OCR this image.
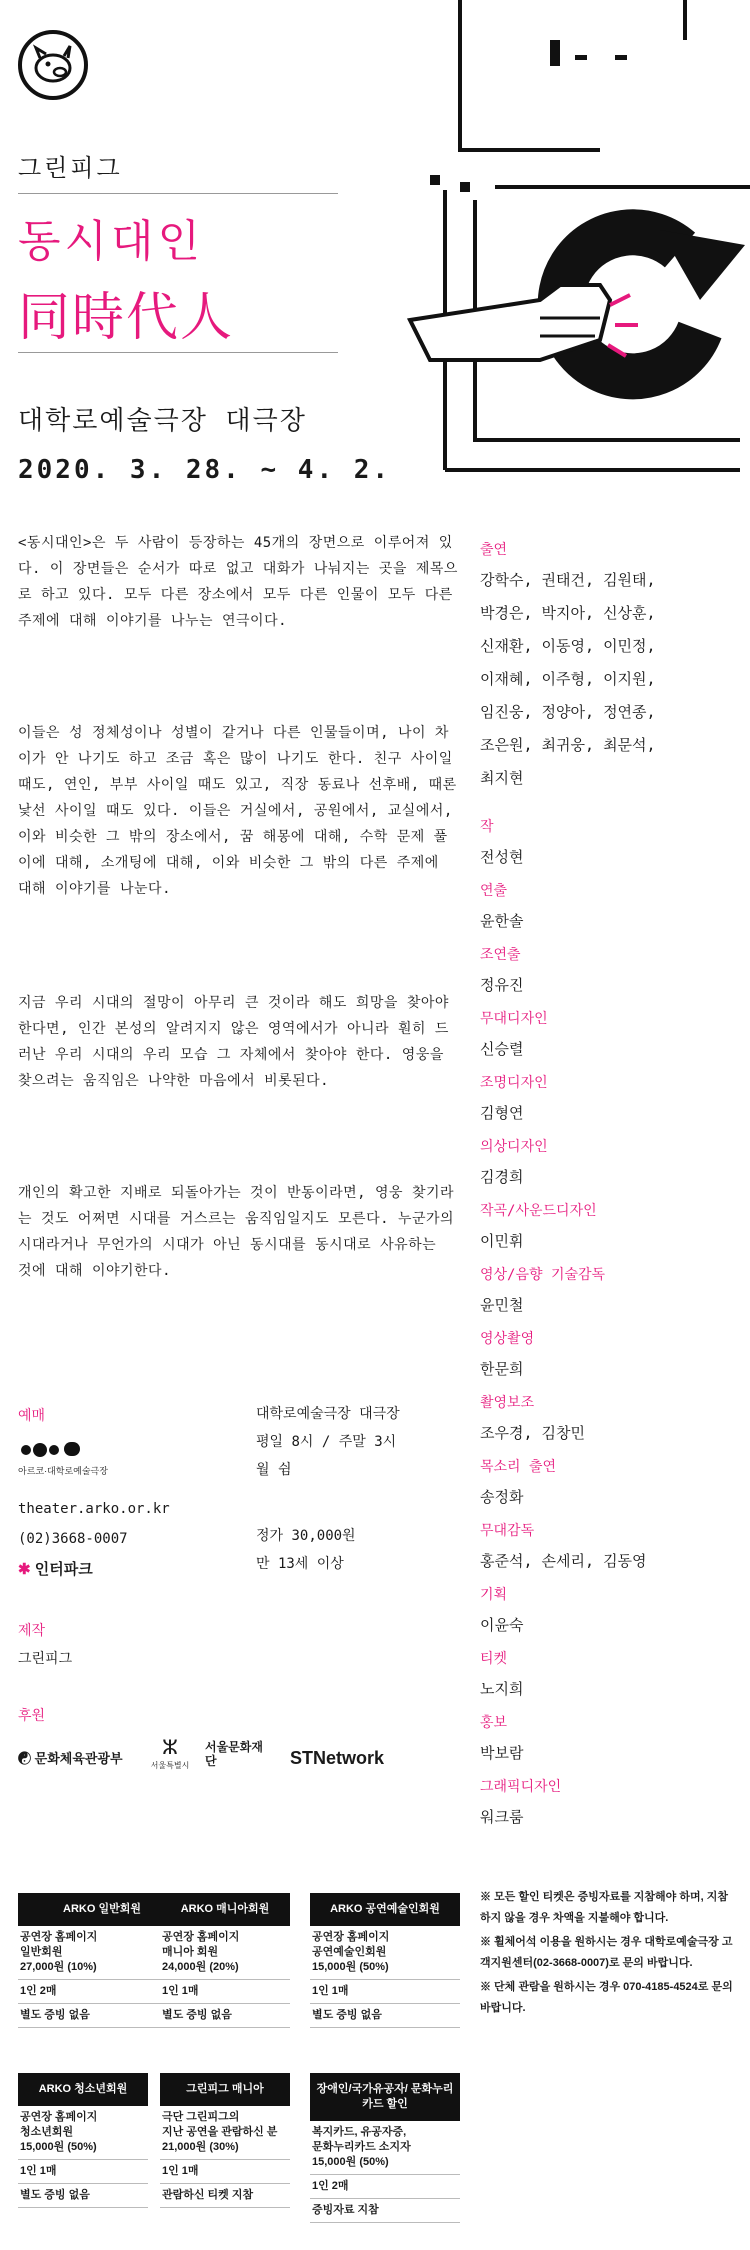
그린피그
동시대인
同時代人
대학로예술극장 대극장
2020. 3. 28. ~ 4. 2.

<동시대인>은 두 사람이 등장하는 45개의 장면으로 이루어져 있다. 이 장면들은 순서가 따로 없고 대화가 나눠지는 곳을 제목으로 하고 있다. 모두 다른 장소에서 모두 다른 인물이 모두 다른 주제에 대해 이야기를 나누는 연극이다.

이들은 성 정체성이나 성별이 같거나 다른 인물들이며, 나이 차이가 안 나기도 하고 조금 혹은 많이 나기도 한다. 친구 사이일 때도, 연인, 부부 사이일 때도 있고, 직장 동료나 선후배, 때론 낯선 사이일 때도 있다. 이들은 거실에서, 공원에서, 교실에서, 이와 비슷한 그 밖의 장소에서, 꿈 해몽에 대해, 수학 문제 풀이에 대해, 소개팅에 대해, 이와 비슷한 그 밖의 다른 주제에 대해 이야기를 나눈다.

지금 우리 시대의 절망이 아무리 큰 것이라 해도 희망을 찾아야 한다면, 인간 본성의 알려지지 않은 영역에서가 아니라 훤히 드러난 우리 시대의 우리 모습 그 자체에서 찾아야 한다. 영웅을 찾으려는 움직임은 나약한 마음에서 비롯된다.

개인의 확고한 지배로 되돌아가는 것이 반동이라면, 영웅 찾기라는 것도 어쩌면 시대를 거스르는 움직임일지도 모른다. 누군가의 시대라거나 무언가의 시대가 아닌 동시대를 동시대로 사유하는 것에 대해 이야기한다.

출연
강학수, 권태건, 김원태,
박경은, 박지아, 신상훈,
신재환, 이동영, 이민정,
이재혜, 이주형, 이지원,
임진웅, 정양아, 정연종,
조은원, 최귀웅, 최문석,
최지현
작
전성현
연출
윤한솔
조연출
정유진
무대디자인
신승렬
조명디자인
김형연
의상디자인
김경희
작곡/사운드디자인
이민휘
영상/음향 기술감독
윤민철
영상촬영
한문희
촬영보조
조우경, 김창민
목소리 출연
송정화
무대감독
홍준석, 손세리, 김동영
기획
이윤숙
티켓
노지희
홍보
박보람
그래픽디자인
워크룸
예매
아르코·대학로예술극장
theater.arko.or.kr
(02)3668-0007
✱ 인터파크
대학로예술극장 대극장
평일 8시 / 주말 3시
월 쉼
정가 30,000원
만 13세 이상
제작
그린피그
후원
☯ 문화체육관광부	ⵣ
서울특별시
서울문화재단	STNetwork
ARKO 일반회원
공연장 홈페이지
일반회원
27,000원 (10%)
1인 2매
별도 증빙 없음
ARKO 매니아회원
공연장 홈페이지
매니아 회원
24,000원 (20%)
1인 1매
별도 증빙 없음
ARKO 공연예술인회원
공연장 홈페이지
공연예술인회원
15,000원 (50%)
1인 1매
별도 증빙 없음
※ 모든 할인 티켓은 증빙자료를 지참해야 하며, 지참하지 않을 경우 차액을 지불해야 합니다.
※ 휠체어석 이용을 원하시는 경우 대학로예술극장 고객지원센터(02-3668-0007)로 문의 바랍니다.
※ 단체 관람을 원하시는 경우 070-4185-4524로 문의 바랍니다.
ARKO 청소년회원
공연장 홈페이지
청소년회원
15,000원 (50%)
1인 1매
별도 증빙 없음
그린피그 매니아
극단 그린피그의
지난 공연을 관람하신 분
21,000원 (30%)
1인 1매
관람하신 티켓 지참
장애인/국가유공자/ 문화누리카드 할인
복지카드, 유공자증,
문화누리카드 소지자
15,000원 (50%)
1인 2매
증빙자료 지참
